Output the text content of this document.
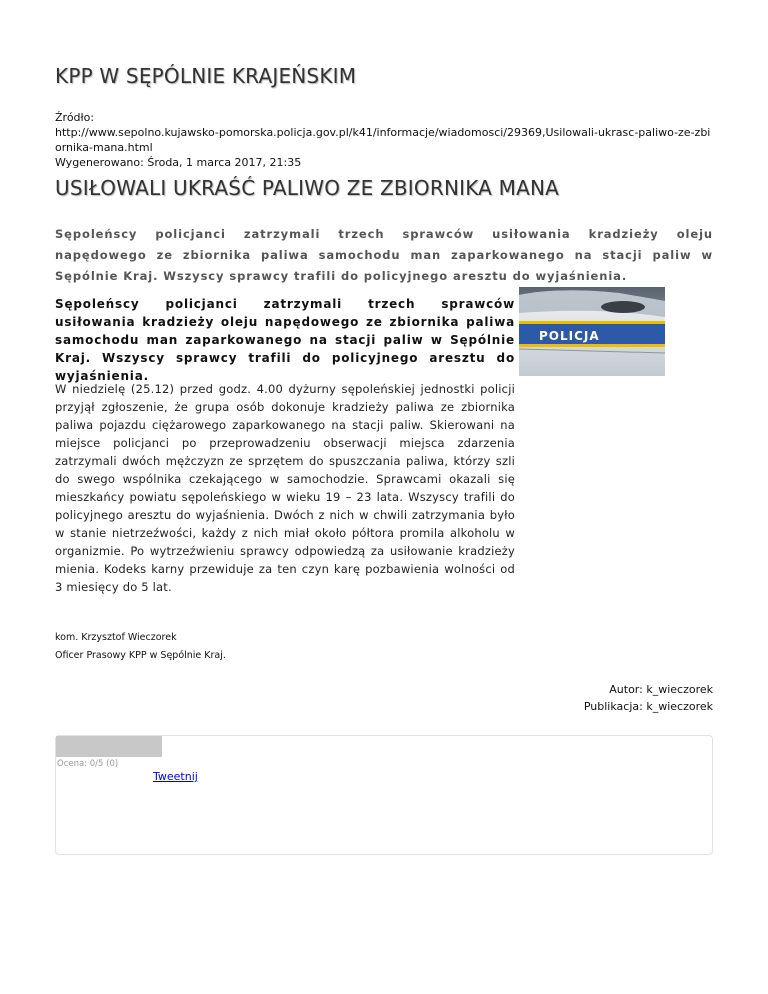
KPP W SĘPÓLNIE KRAJEŃSKIM
Źródło:
http://www.sepolno.kujawsko-pomorska.policja.gov.pl/k41/informacje/wiadomosci/29369,Usilowali-ukrasc-paliwo-ze-zbiornika-mana.html
Wygenerowano: Środa, 1 marca 2017, 21:35
USIŁOWALI UKRAŚĆ PALIWO ZE ZBIORNIKA MANA

Sępoleńscy policjanci zatrzymali trzech sprawców usiłowania kradzieży oleju napędowego ze zbiornika paliwa samochodu man zaparkowanego na stacji paliw w Sępólnie Kraj. Wszyscy sprawcy trafili do policyjnego aresztu do wyjaśnienia.

Sępoleńscy policjanci zatrzymali trzech sprawców usiłowania kradzieży oleju napędowego ze zbiornika paliwa samochodu man zaparkowanego na stacji paliw w Sępólnie Kraj. Wszyscy sprawcy trafili do policyjnego aresztu do wyjaśnienia.

POLICJA

W niedzielę (25.12) przed godz. 4.00 dyżurny sępoleńskiej jednostki policji przyjął zgłoszenie, że grupa osób dokonuje kradzieży paliwa ze zbiornika paliwa pojazdu ciężarowego zaparkowanego na stacji paliw. Skierowani na miejsce policjanci po przeprowadzeniu obserwacji miejsca zdarzenia zatrzymali dwóch mężczyzn ze sprzętem do spuszczania paliwa, którzy szli do swego wspólnika czekającego w samochodzie. Sprawcami okazali się mieszkańcy powiatu sępoleńskiego w wieku 19 – 23 lata. Wszyscy trafili do policyjnego aresztu do wyjaśnienia. Dwóch z nich w chwili zatrzymania było w stanie nietrzeźwości, każdy z nich miał około półtora promila alkoholu w organizmie. Po wytrzeźwieniu sprawcy odpowiedzą za usiłowanie kradzieży mienia. Kodeks karny przewiduje za ten czyn karę pozbawienia wolności od 3 miesięcy do 5 lat.

kom. Krzysztof Wieczorek
Oficer Prasowy KPP w Sępólnie Kraj.
Autor: k_wieczorek
Publikacja: k_wieczorek
Ocena: 0/5 (0)
Tweetnij
